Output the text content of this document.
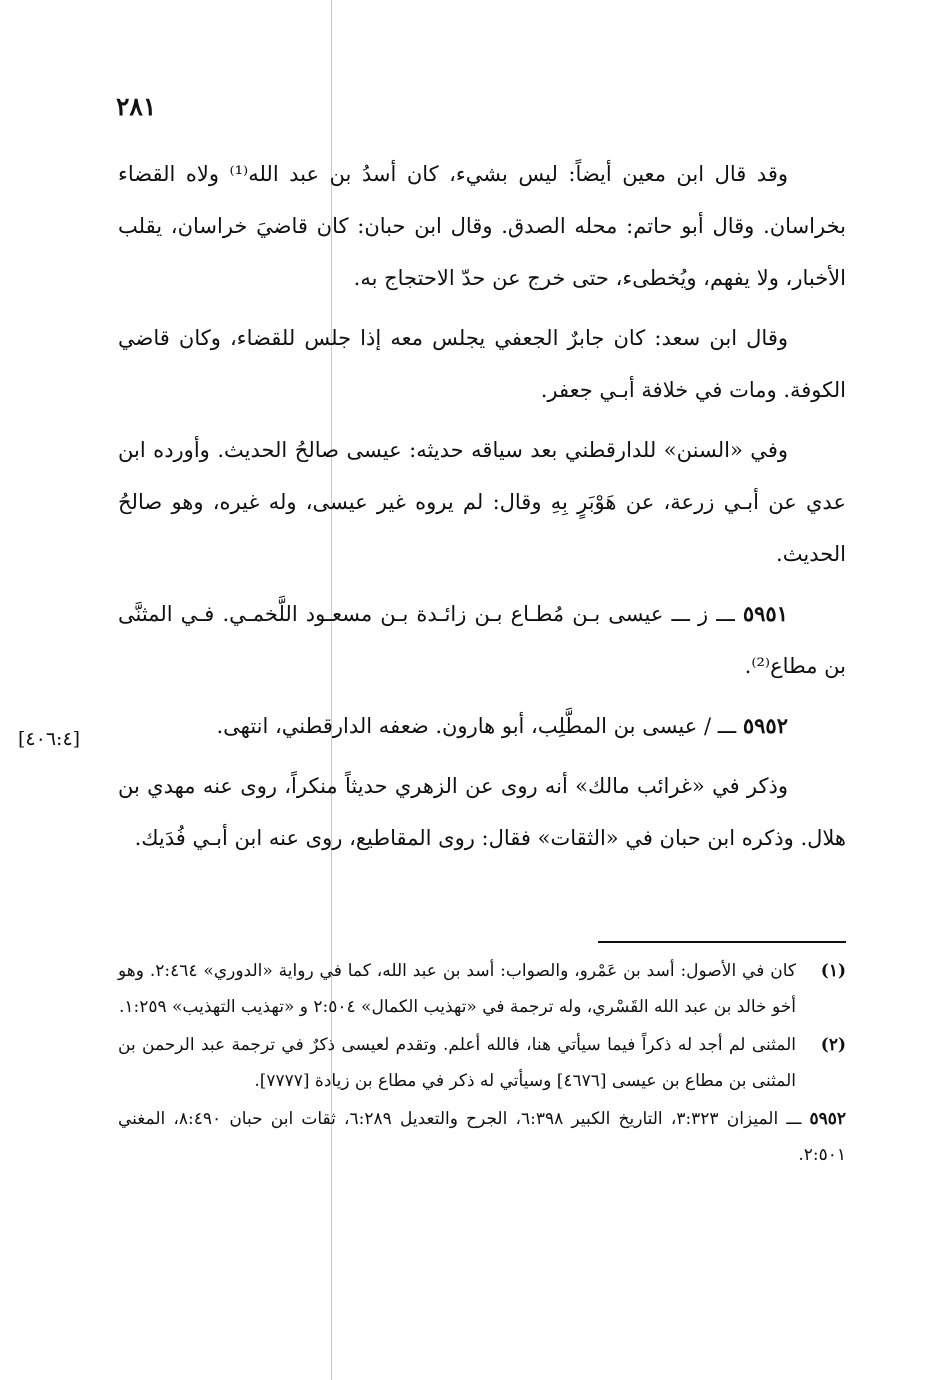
٢٨١

وقد قال ابن معين أيضاً: ليس بشيء، كان أسدُ بن عبد الله⁽¹⁾ ولاه القضاء بخراسان. وقال أبو حاتم: محله الصدق. وقال ابن حبان: كان قاضيَ خراسان، يقلب الأخبار، ولا يفهم، ويُخطىء، حتى خرج عن حدّ الاحتجاج به.

وقال ابن سعد: كان جابرٌ الجعفي يجلس معه إذا جلس للقضاء، وكان قاضي الكوفة. ومات في خلافة أبـي جعفر.

وفي «السنن» للدارقطني بعد سياقه حديثه: عيسى صالحُ الحديث. وأورده ابن عدي عن أبـي زرعة، عن هَوْبَرٍ بِهِ وقال: لم يروه غير عيسى، وله غيره، وهو صالحُ الحديث.

٥٩٥١ ـــ ز ـــ عيسى بـن مُطـاع بـن زائـدة بـن مسعـود اللَّخمـي. فـي المثنَّى بن مطاع⁽²⁾.

٥٩٥٢ ـــ / عيسى بن المطَّلِب، أبو هارون. ضعفه الدارقطني، انتهى.

وذكر في «غرائب مالك» أنه روى عن الزهري حديثاً منكراً، روى عنه مهدي بن هلال. وذكره ابن حبان في «الثقات» فقال: روى المقاطيع، روى عنه ابن أبـي فُدَيك.

[٤٠٦:٤]
(١)
كان في الأصول: أسد بن عَمْرو، والصواب: أسد بن عبد الله، كما في رواية «الدوري» ٢:٤٦٤. وهو أخو خالد بن عبد الله القَسْري، وله ترجمة في «تهذيب الكمال» ٢:٥٠٤ و «تهذيب التهذيب» ١:٢٥٩.
(٢)
المثنى لم أجد له ذكراً فيما سيأتي هنا، فالله أعلم. وتقدم لعيسى ذكرٌ في ترجمة عبد الرحمن بن المثنى بن مطاع بن عيسى [٤٦٧٦] وسيأتي له ذكر في مطاع بن زيادة [٧٧٧٧].
٥٩٥٢ ـــ الميزان ٣:٣٢٣، التاريخ الكبير ٦:٣٩٨، الجرح والتعديل ٦:٢٨٩، ثقات ابن حبان ٨:٤٩٠، المغني ٢:٥٠١.
